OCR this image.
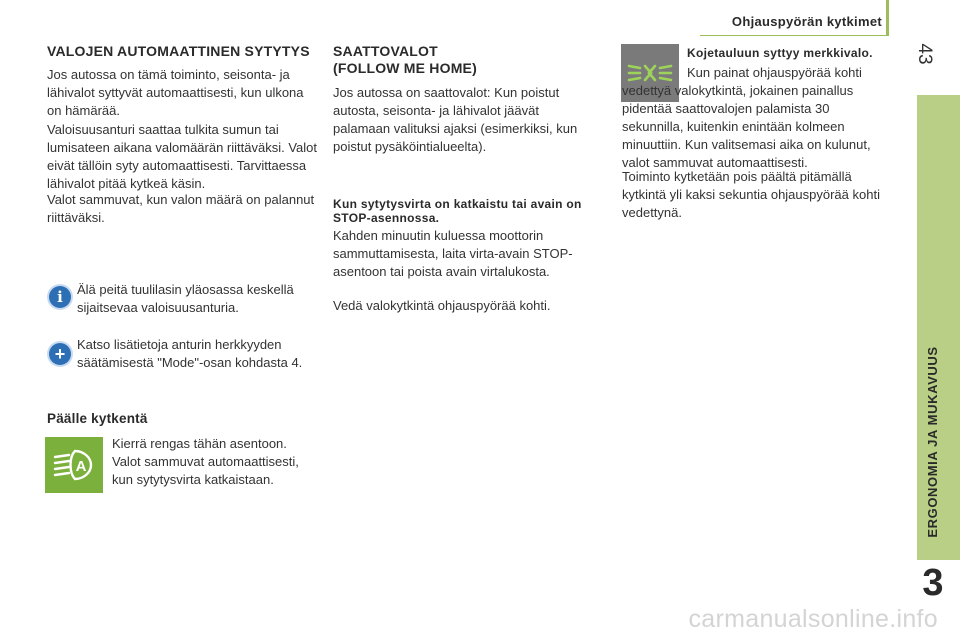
Ohjauspyörän kytkimet
43
ERGONOMIA JA MUKAVUUS
3
VALOJEN AUTOMAATTINEN SYTYTYS

Jos autossa on tämä toiminto, seisonta- ja lähivalot syttyvät automaattisesti, kun ulkona on hämärää.

Valoisuusanturi saattaa tulkita sumun tai lumisateen aikana valomäärän riittäväksi. Valot eivät tällöin syty automaattisesti. Tarvittaessa lähivalot pitää kytkeä käsin.

Valot sammuvat, kun valon määrä on palannut riittäväksi.

i	Älä peitä tuulilasin yläosassa keskellä sijaitsevaa valoisuusanturia.

+ Katso lisätietoja anturin herkkyyden säätämisestä "Mode"-osan kohdasta 4.

Päälle kytkentä
A

Kierrä rengas tähän asentoon. Valot sammuvat automaattisesti, kun sytytysvirta katkaistaan.

SAATTOVALOT
(FOLLOW ME HOME)

Jos autossa on saattovalot: Kun poistut autosta, seisonta- ja lähivalot jäävät palamaan valituksi ajaksi (esimerkiksi, kun poistut pysäköintialueelta).

Kun sytytysvirta on katkaistu tai avain on STOP-asennossa.

Kahden minuutin kuluessa moottorin sammuttamisesta, laita virta-avain STOP-asentoon tai poista avain virtalukosta.

Vedä valokytkintä ohjauspyörää kohti.

Kojetauluun syttyy merkkivalo.

Kun painat ohjauspyörää kohti vedettyä valokytkintä, jokainen painallus pidentää saattovalojen palamista 30 sekunnilla, kuitenkin enintään kolmeen minuuttiin. Kun valitsemasi aika on kulunut, valot sammuvat automaattisesti.

Toiminto kytketään pois päältä pitämällä kytkintä yli kaksi sekuntia ohjauspyörää kohti vedettynä.

carmanualsonline.info
